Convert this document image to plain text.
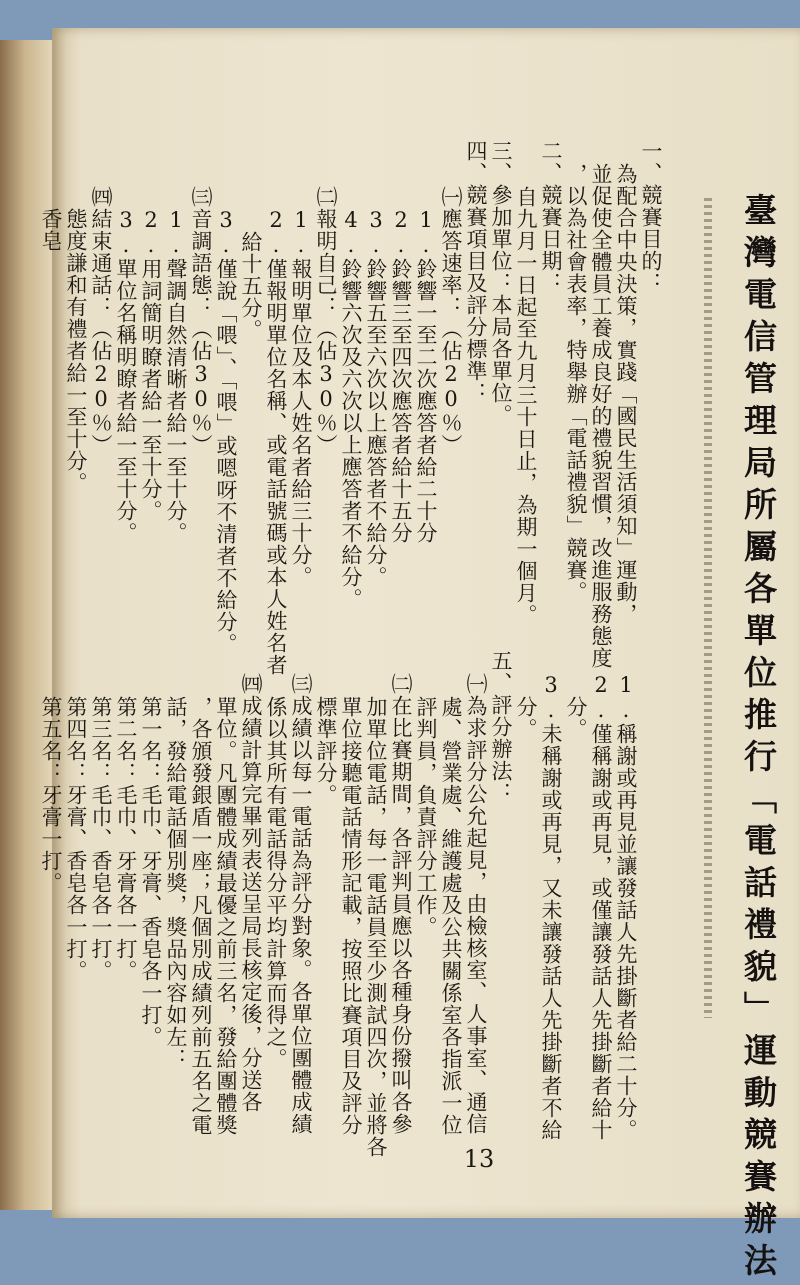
臺灣電信管理局所屬各單位推行「電話禮貌」運動競賽辦法
一、競賽目的：
為配合中央決策，實踐「國民生活須知」運動，
並促使全體員工養成良好的禮貌習慣，改進服務態度
，以為社會表率，特舉辦「電話禮貌」競賽。
二、競賽日期：
自九月一日起至九月三十日止，為期一個月。
三、參加單位：本局各單位。
四、競賽項目及評分標準：
㈠應答速率：（佔20％）
1.鈴響一至二次應答者給二十分
2.鈴響三至四次應答者給十五分
3.鈴響五至六次以上應答者不給分。
4.鈴響六次及六次以上應答者不給分。
㈡報明自己：（佔30％）
1.報明單位及本人姓名者給三十分。
2.僅報明單位名稱、或電話號碼或本人姓名者
給十五分。
3.僅說「喂」、「喂」或嗯呀不清者不給分。
㈢音調語態：（佔30％）
1.聲調自然清晰者給一至十分。
2.用詞簡明瞭者給一至十分。
3.單位名稱明瞭者給一至十分。
㈣結束通話：（佔20％）
態度謙和有禮者給一至十分。
香皂
1.稱謝或再見並讓發話人先掛斷者給二十分。
2.僅稱謝或再見，或僅讓發話人先掛斷者給十
分。
3.未稱謝或再見，又未讓發話人先掛斷者不給
分。
五、評分辦法：
㈠為求評分公允起見，由檢核室、人事室、通信
處、營業處、維護處及公共關係室各指派一位
評判員，負責評分工作。
㈡在比賽期間，各評判員應以各種身份撥叫各參
加單位電話，每一電話員至少測試四次，並將各
單位接聽電話情形記載，按照比賽項目及評分
標準評分。
㈢成績以每一電話為評分對象。各單位團體成績
係以其所有電話得分平均計算而得之。
㈣成績計算完畢列表送呈局長核定後，分送各
單位。凡團體成績最優之前三名，發給團體獎
，各頒發銀盾一座；凡個別成績列前五名之電
話，發給電話個別獎，獎品內容如左：
第一名：毛巾、牙膏、香皂各一打。
第二名：毛巾、牙膏各一打。
第三名：毛巾、香皂各一打。
第四名：牙膏、香皂各一打。
第五名：牙膏一打。
13
